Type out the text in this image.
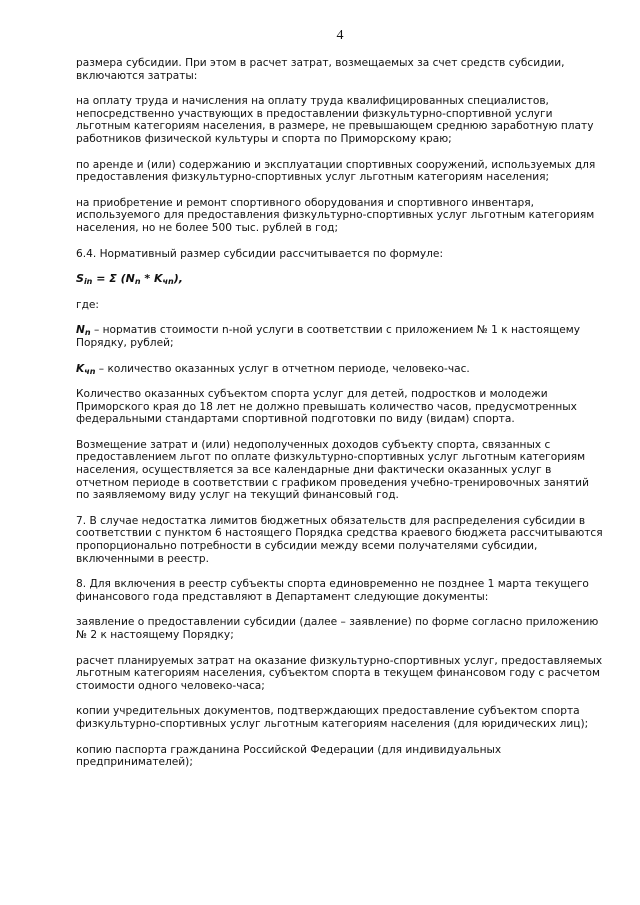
4

размера субсидии. При этом в расчет затрат, возмещаемых за счет средств субсидии, включаются затраты:

на оплату труда и начисления на оплату труда квалифицированных специалистов, непосредственно участвующих в предоставлении физкультурно-спортивной услуги льготным категориям населения, в размере, не превышающем среднюю заработную плату работников физической культуры и спорта по Приморскому краю;

по аренде и (или) содержанию и эксплуатации спортивных сооружений, используемых для предоставления физкультурно-спортивных услуг льготным категориям населения;

на приобретение и ремонт спортивного оборудования и спортивного инвентаря, используемого для предоставления физкультурно-спортивных услуг льготным категориям населения, но не более 500 тыс. рублей в год;

6.4. Нормативный размер субсидии рассчитывается по формуле:

$S_{in} = \Sigma$ $(N_n * K_{чn})$,

где:

$N_n$ – норматив стоимости n-ной услуги в соответствии с приложением № 1 к настоящему Порядку, рублей;

$K_{чn}$ – количество оказанных услуг в отчетном периоде, человеко-час.

Количество оказанных субъектом спорта услуг для детей, подростков и молодежи Приморского края до 18 лет не должно превышать количество часов, предусмотренных федеральными стандартами спортивной подготовки по виду (видам) спорта.

Возмещение затрат и (или) недополученных доходов субъекту спорта, связанных с предоставлением льгот по оплате физкультурно-спортивных услуг льготным категориям населения, осуществляется за все календарные дни фактически оказанных услуг в отчетном периоде в соответствии с графиком проведения учебно-тренировочных занятий по заявляемому виду услуг на текущий финансовый год.

7. В случае недостатка лимитов бюджетных обязательств для распределения субсидии в соответствии с пунктом 6 настоящего Порядка средства краевого бюджета рассчитываются пропорционально потребности в субсидии между всеми получателями субсидии, включенными в реестр.

8. Для включения в реестр субъекты спорта единовременно не позднее 1 марта текущего финансового года представляют в Департамент следующие документы:

заявление о предоставлении субсидии (далее – заявление) по форме согласно приложению № 2 к настоящему Порядку;

расчет планируемых затрат на оказание физкультурно-спортивных услуг, предоставляемых льготным категориям населения, субъектом спорта в текущем финансовом году с расчетом стоимости одного человеко-часа;

копии учредительных документов, подтверждающих предоставление субъектом спорта физкультурно-спортивных услуг льготным категориям населения (для юридических лиц);

копию паспорта гражданина Российской Федерации (для индивидуальных предпринимателей);
